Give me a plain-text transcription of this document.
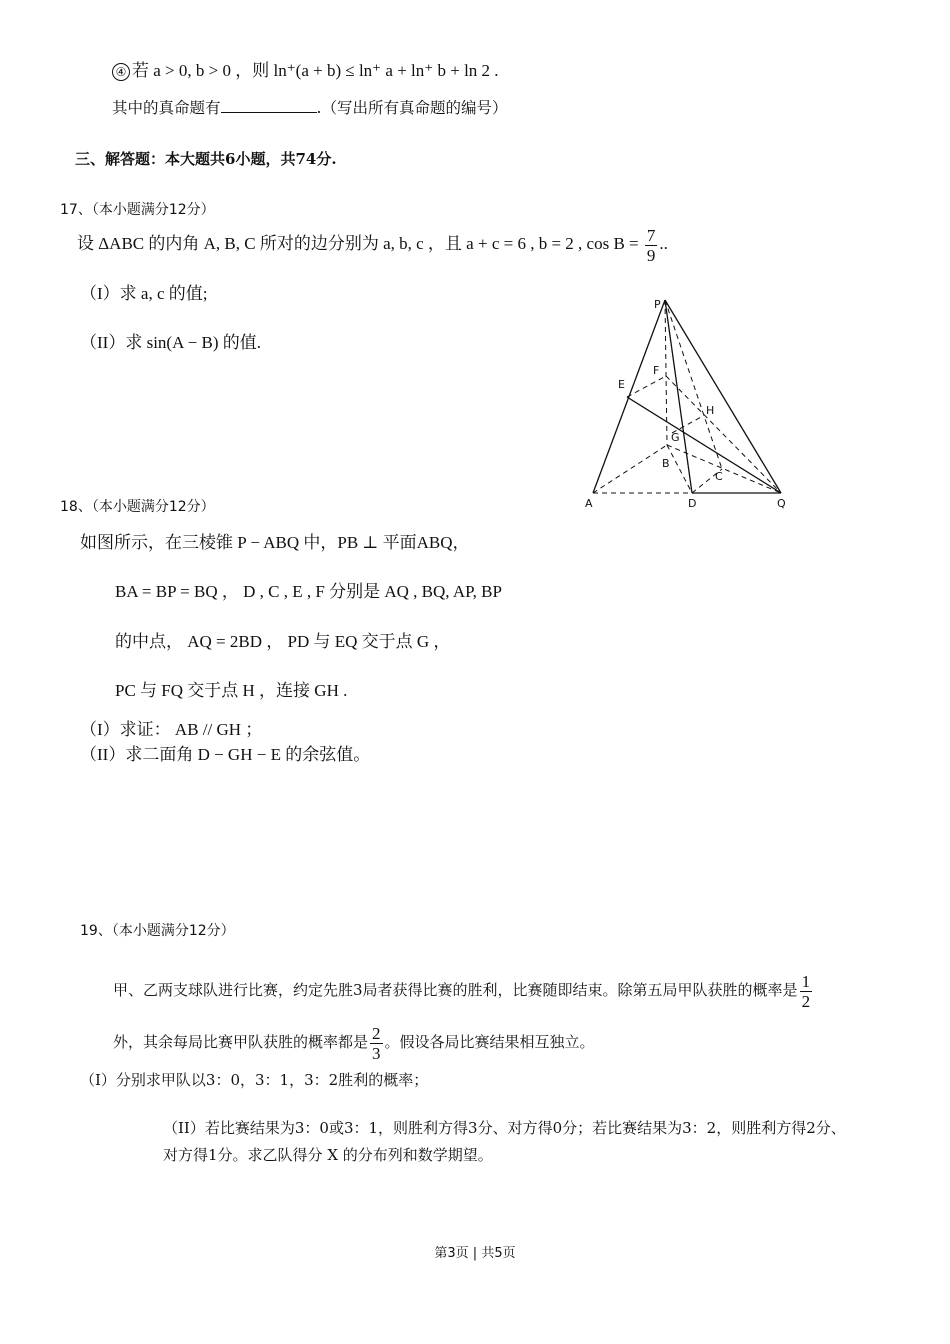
④ 若 a > 0, b > 0 ，则 ln⁺(a + b) ≤ ln⁺ a + ln⁺ b + ln 2 .
其中的真命题有	.（写出所有真命题的编号）
三、解答题：本大题共6小题，共74分.
17、（本小题满分12分）
设 ΔABC 的内角 A, B, C 所对的边分别为 a, b, c ，且 a + c = 6 , b = 2 , $\cos B = \frac{7}{9}$ ..
（I）求 a, c 的值;
（II）求 sin(A − B) 的值.
P
F
E
H
G
B
C
A	D	Q
18、（本小题满分12分）
如图所示，在三棱锥 P − ABQ 中，PB ⊥ 平面ABQ，
BA = BP = BQ ， D , C , E , F 分别是 AQ , BQ, AP, BP
的中点， AQ = 2BD ， PD 与 EQ 交于点 G ，
PC 与 FQ 交于点 H ，连接 GH .
（I）求证： AB // GH ；
（II）求二面角 D − GH − E 的余弦值。
19、（本小题满分12分）
甲、乙两支球队进行比赛，约定先胜3局者获得比赛的胜利，比赛随即结束。除第五局甲队获胜的概率是 $\frac{1}{2}$
外，其余每局比赛甲队获胜的概率都是 $\frac{2}{3}$ 。假设各局比赛结果相互独立。
（I）分别求甲队以3：0，3：1，3：2胜利的概率；
（II）若比赛结果为3：0或3：1，则胜利方得3分、对方得0分；若比赛结果为3：2，则胜利方得2分、
对方得1分。求乙队得分 X 的分布列和数学期望。
第3页 | 共5页
